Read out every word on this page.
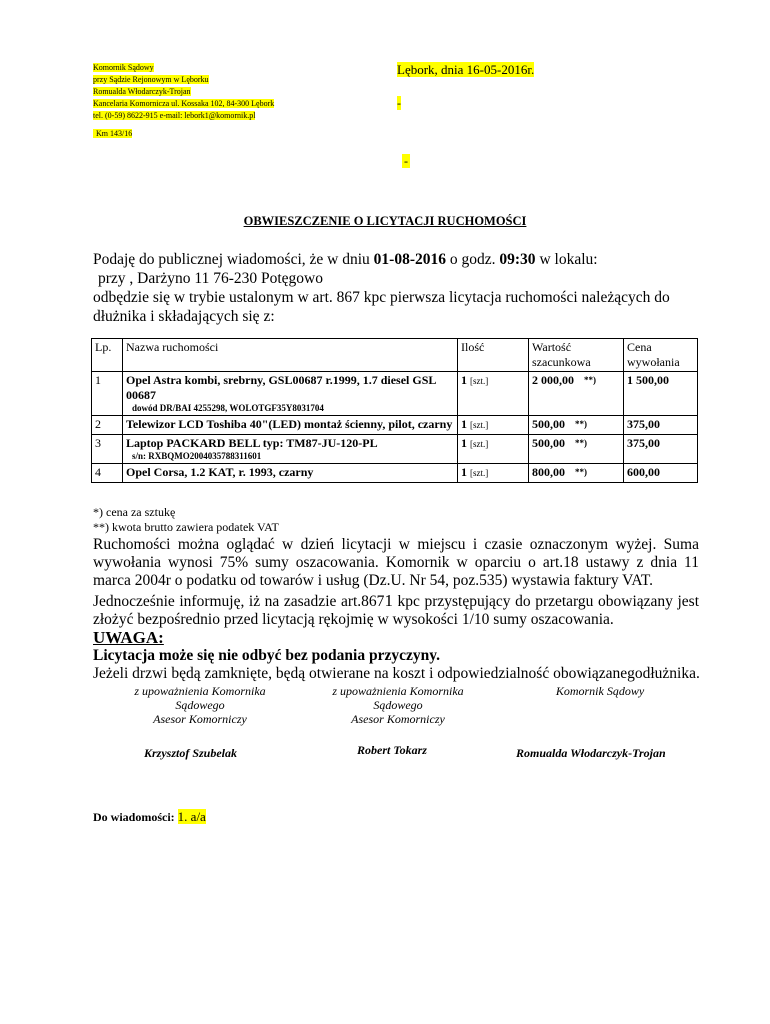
Komornik Sądowy
przy Sądzie Rejonowym w Lęborku
Romualda Włodarczyk-Trojan
Kancelaria Komornicza ul. Kossaka 102, 84-300 Lębork
tel. (0-59) 8622-915 e-mail: lebork1@komornik.pl
Km 143/16
Lębork, dnia 16-05-2016r.
-
-
OBWIESZCZENIE O LICYTACJI RUCHOMOŚCI
Podaję do publicznej wiadomości, że w dniu 01-08-2016 o godz. 09:30 w lokalu:
przy , Darżyno 11 76-230 Potęgowo
odbędzie się w trybie ustalonym w art. 867 kpc pierwsza licytacja ruchomości należących do
dłużnika i składających się z:
Lp.	Nazwa ruchomości	Ilość	Wartość szacunkowa	Cena wywołania
1	Opel Astra kombi, srebrny, GSL00687 r.1999, 1.7 diesel GSL 00687
dowód DR/BAI 4255298, WOLOTGF35Y8031704	1 [szt.]	2 000,00 **)	1 500,00
2	Telewizor LCD Toshiba 40"(LED) montaż ścienny, pilot, czarny	1 [szt.]	500,00 **)	375,00
3	Laptop PACKARD BELL typ: TM87-JU-120-PL
s/n: RXBQMO2004035788311601	1 [szt.]	500,00 **)	375,00
4	Opel Corsa, 1.2 KAT, r. 1993, czarny	1 [szt.]	800,00 **)	600,00
*) cena za sztukę
**) kwota brutto zawiera podatek VAT

Ruchomości można oglądać w dzień licytacji w miejscu i czasie oznaczonym wyżej. Suma wywołania wynosi 75% sumy oszacowania. Komornik w oparciu o art.18 ustawy z dnia 11 marca 2004r o podatku od towarów i usług (Dz.U. Nr 54, poz.535) wystawia faktury VAT.

Jednocześnie informuję, iż na zasadzie art.8671 kpc przystępujący do przetargu obowiązany jest złożyć bezpośrednio przed licytacją rękojmię w wysokości 1/10 sumy oszacowania.

UWAGA:
Licytacja może się nie odbyć bez podania przyczyny.
Jeżeli drzwi będą zamknięte, będą otwierane na koszt i odpowiedzialność obowiązanegodłużnika.
z upoważnienia Komornika
Sądowego
Asesor Komorniczy
Krzysztof Szubelak
z upoważnienia Komornika
Sądowego
Asesor Komorniczy
Robert Tokarz
Komornik Sądowy
Romualda Włodarczyk-Trojan
Do wiadomości: 1. a/a
